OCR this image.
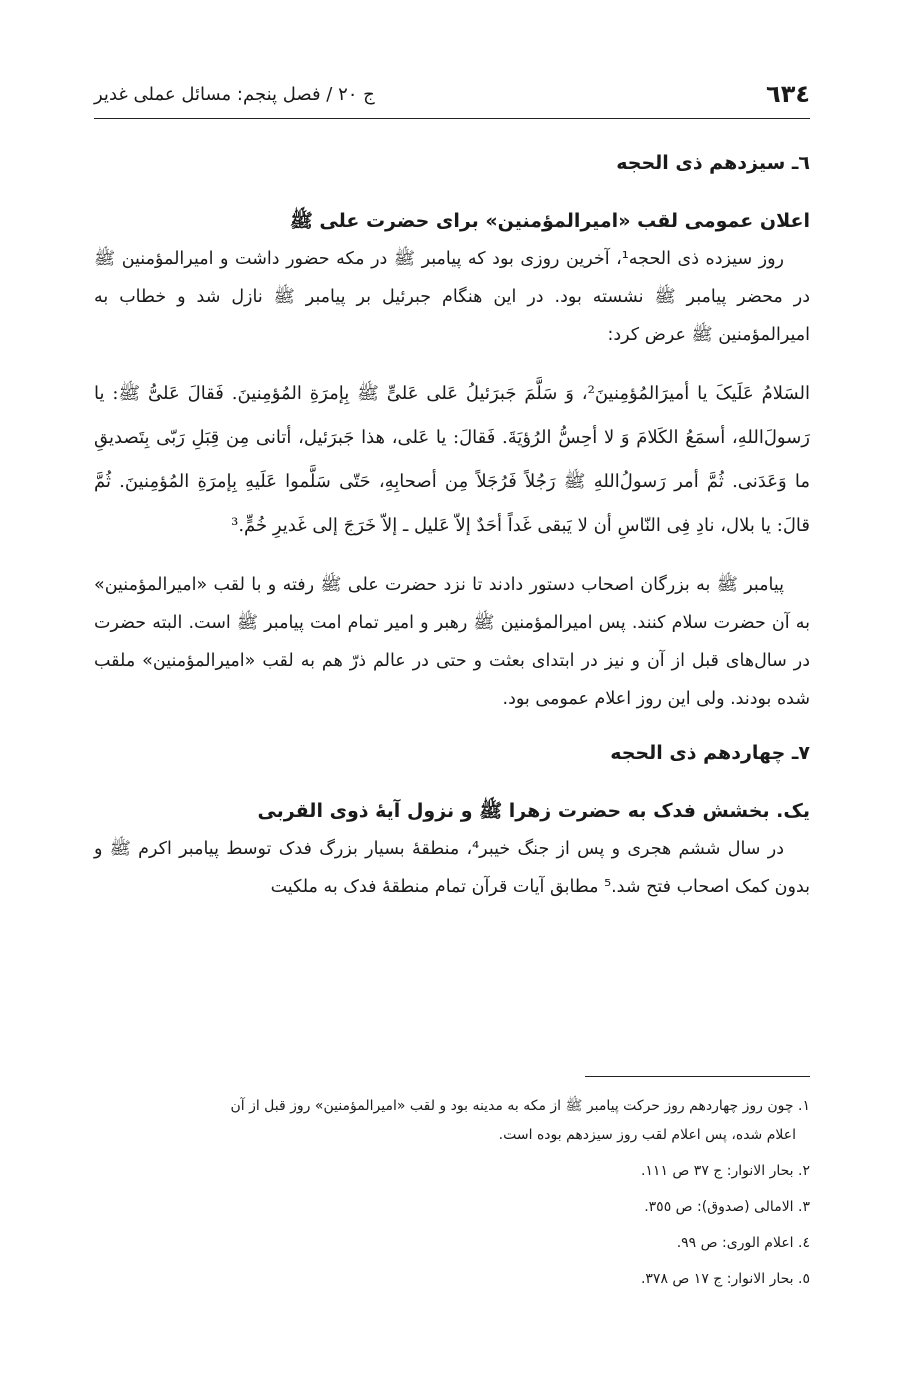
٦٣٤
ج ٢٠ / فصل پنجم: مسائل عملی غدیر
٦ـ سیزدهم ذی الحجه
اعلان عمومی لقب «امیرالمؤمنین» برای حضرت علی ﷺ

روز سیزده ذی الحجه¹، آخرین روزی بود که پیامبر ﷺ در مکه حضور داشت و امیرالمؤمنین ﷺ در محضر پیامبر ﷺ نشسته بود. در این هنگام جبرئیل بر پیامبر ﷺ نازل شد و خطاب به امیرالمؤمنین ﷺ عرض کرد:

السَلامُ عَلَیکَ یا أمیرَالمُؤمِنینَ²، وَ سَلَّمَ جَبرَئیلُ عَلی عَلیٍّ ﷺ بِإمرَةِ المُؤمِنینَ. فَقالَ عَلیُّ ﷺ: یا رَسولَ‌اللهِ، أسمَعُ الکَلامَ وَ لا أحِسُّ الرُؤیَةَ. فَقالَ: یا عَلی، هذا جَبرَئیل، أتانی مِن قِبَلِ رَبّی بِتَصدیقِ ما وَعَدَنی. ثُمَّ أمر رَسولُ‌اللهِ ﷺ رَجُلاً فَرُجَلاً مِن أصحابِهِ، حَتّی سَلَّموا عَلَیهِ بِإمرَةِ المُؤمِنینَ. ثُمَّ قالَ: یا بلال، نادِ فِی النّاسِ أن لا یَبقی غَداً أحَدٌ إلاّ عَلیل ـ إلاّ خَرَجَ إلی غَدیرِ خُمٍّ.³

پیامبر ﷺ به بزرگان اصحاب دستور دادند تا نزد حضرت علی ﷺ رفته و با لقب «امیرالمؤمنین» به آن حضرت سلام کنند. پس امیرالمؤمنین ﷺ رهبر و امیر تمام امت پیامبر ﷺ است. البته حضرت در سال‌های قبل از آن و نیز در ابتدای بعثت و حتی در عالم ذرّ هم به لقب «امیرالمؤمنین» ملقب شده بودند. ولی این روز اعلام عمومی بود.

٧ـ چهاردهم ذی الحجه
یک. بخشش فدک به حضرت زهرا ﷺ و نزول آیهٔ ذوی القربی

در سال ششم هجری و پس از جنگ خیبر⁴، منطقهٔ بسیار بزرگ فدک توسط پیامبر اکرم ﷺ و بدون کمک اصحاب فتح شد.⁵ مطابق آیات قرآن تمام منطقهٔ فدک به ملکیت

١. چون روز چهاردهم روز حرکت پیامبر ﷺ از مکه به مدینه بود و لقب «امیرالمؤمنین» روز قبل از آن

اعلام شده، پس اعلام لقب روز سیزدهم بوده است.

٢. بحار الانوار: ج ٣٧ ص ١١١.

٣. الامالی (صدوق): ص ٣٥٥.

٤. اعلام الوری: ص ٩٩.

٥. بحار الانوار: ج ١٧ ص ٣٧٨.
